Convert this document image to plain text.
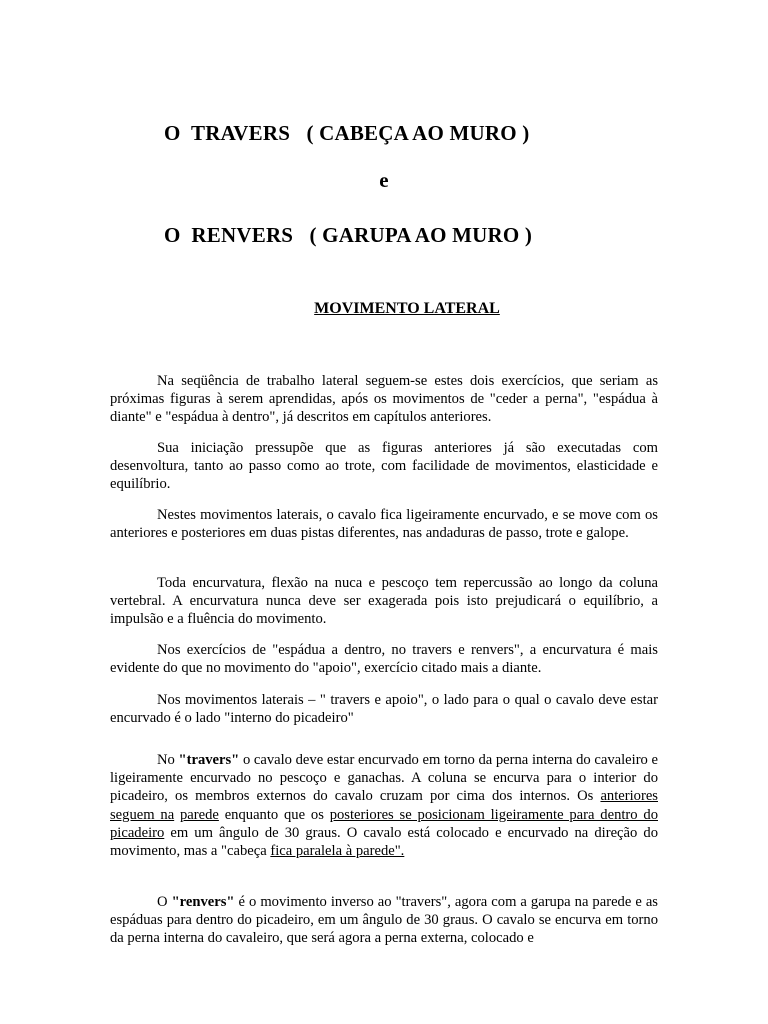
O  TRAVERS   ( CABEÇA AO MURO )
e
O  RENVERS   ( GARUPA AO MURO )
MOVIMENTO LATERAL

Na seqüência de trabalho lateral seguem-se estes dois exercícios, que seriam as próximas figuras à serem aprendidas, após os movimentos de "ceder a perna", "espádua à diante" e "espádua à dentro", já descritos em capítulos anteriores.

Sua iniciação pressupõe que as figuras anteriores já são executadas com desenvoltura, tanto ao passo como ao trote, com facilidade de movimentos, elasticidade e equilíbrio.

Nestes movimentos laterais, o cavalo fica ligeiramente encurvado, e se move com os anteriores e posteriores em duas pistas diferentes, nas andaduras de passo, trote e galope.

Toda encurvatura, flexão na nuca e pescoço tem repercussão ao longo da coluna vertebral. A encurvatura nunca deve ser exagerada pois isto prejudicará o equilíbrio, a impulsão e a fluência do movimento.

Nos exercícios de "espádua a dentro, no travers e renvers", a encurvatura é mais evidente do que no movimento do "apoio", exercício citado mais a diante.

Nos movimentos laterais – " travers e apoio", o lado para o qual o cavalo deve estar encurvado é o lado "interno do picadeiro"

No "travers" o cavalo deve estar encurvado em torno da perna interna do cavaleiro e ligeiramente encurvado no pescoço e ganachas. A coluna se encurva para o interior do picadeiro, os membros externos do cavalo cruzam por cima dos internos. Os anteriores seguem na parede enquanto que os posteriores se posicionam ligeiramente para dentro do picadeiro em um ângulo de 30 graus. O cavalo está colocado e encurvado na direção do movimento, mas a "cabeça fica paralela à parede".

O "renvers" é o movimento inverso ao "travers", agora com a garupa na parede e as espáduas para dentro do picadeiro, em um ângulo de 30 graus. O cavalo se encurva em torno da perna interna do cavaleiro, que será agora a perna externa, colocado e
